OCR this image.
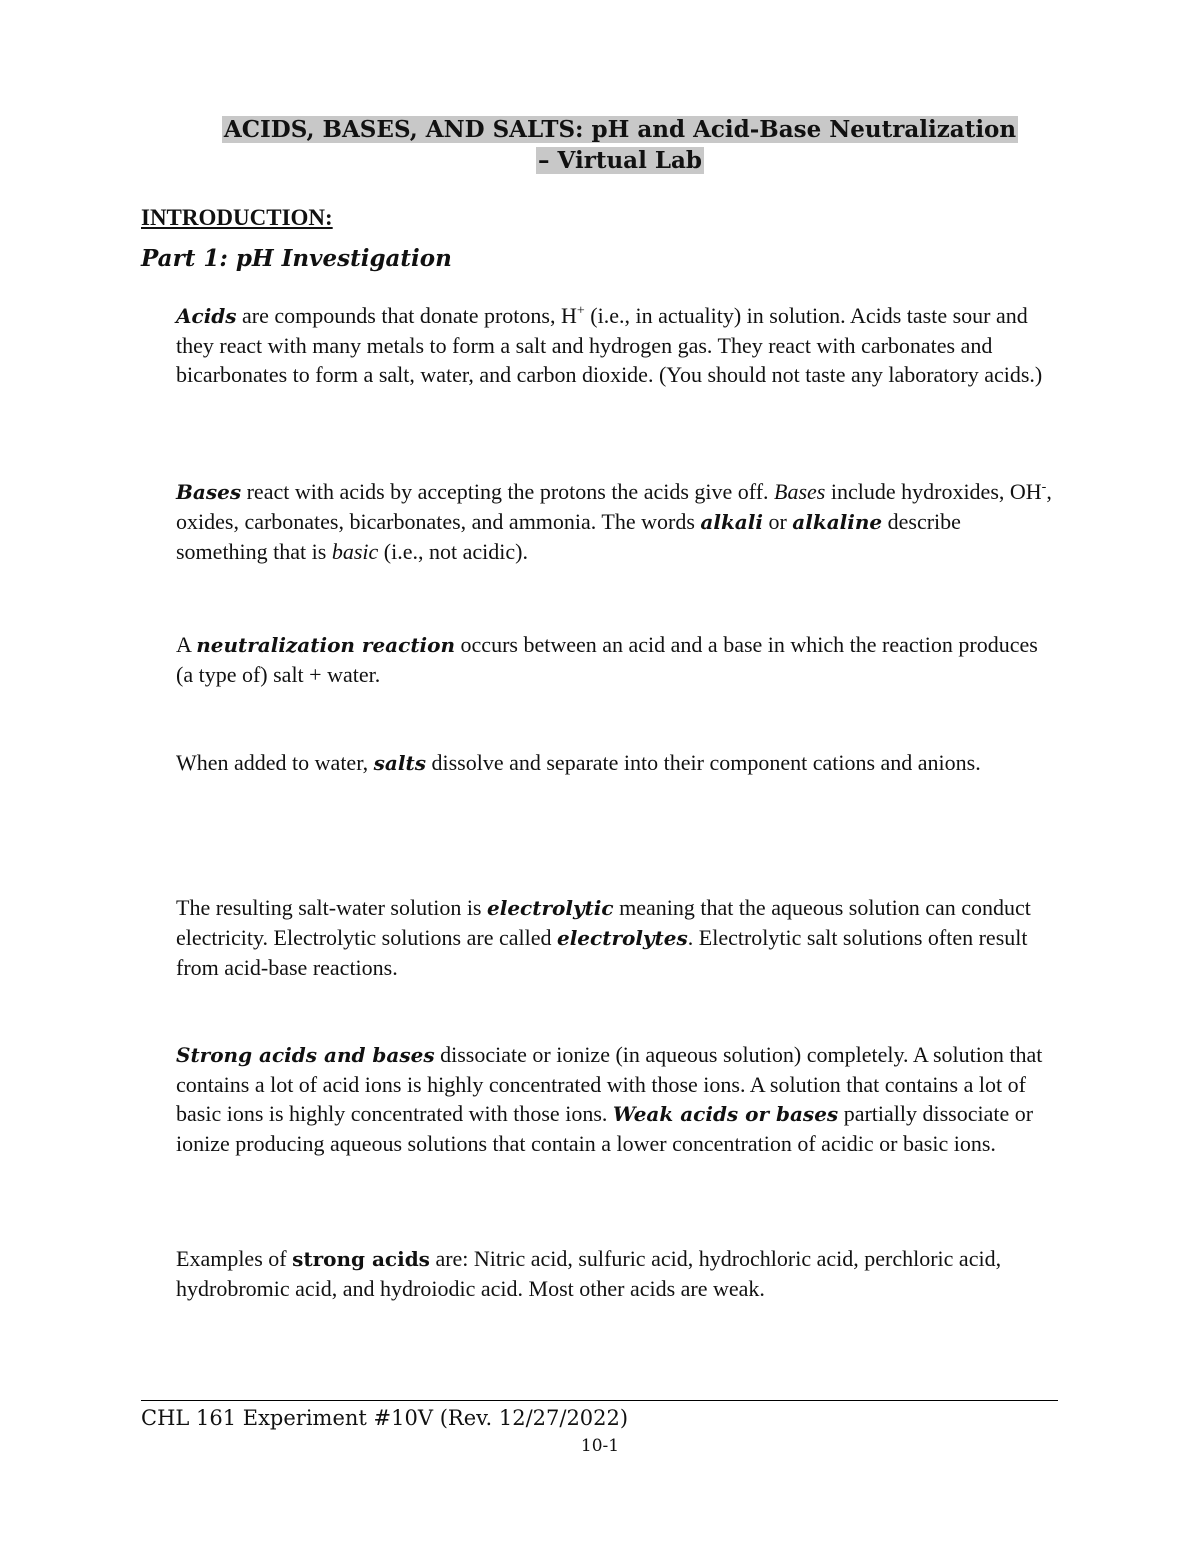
ACIDS, BASES, AND SALTS: pH and Acid-Base Neutralization
– Virtual Lab
INTRODUCTION:
Part 1: pH Investigation
Acids are compounds that donate protons, H+ (i.e., in actuality) in solution. Acids taste sour and they react with many metals to form a salt and hydrogen gas. They react with carbonates and bicarbonates to form a salt, water, and carbon dioxide. (You should not taste any laboratory acids.)
Bases react with acids by accepting the protons the acids give off. Bases include hydroxides, OH-, oxides, carbonates, bicarbonates, and ammonia. The words alkali or alkaline describe something that is basic (i.e., not acidic).
A neutralization reaction occurs between an acid and a base in which the reaction produces (a type of) salt + water.
When added to water, salts dissolve and separate into their component cations and anions.
The resulting salt-water solution is electrolytic meaning that the aqueous solution can conduct electricity. Electrolytic solutions are called electrolytes. Electrolytic salt solutions often result from acid-base reactions.
Strong acids and bases dissociate or ionize (in aqueous solution) completely. A solution that contains a lot of acid ions is highly concentrated with those ions. A solution that contains a lot of basic ions is highly concentrated with those ions. Weak acids or bases partially dissociate or ionize producing aqueous solutions that contain a lower concentration of acidic or basic ions.
Examples of strong acids are: Nitric acid, sulfuric acid, hydrochloric acid, perchloric acid, hydrobromic acid, and hydroiodic acid. Most other acids are weak.
CHL 161 Experiment #10V (Rev. 12/27/2022)
10-1
